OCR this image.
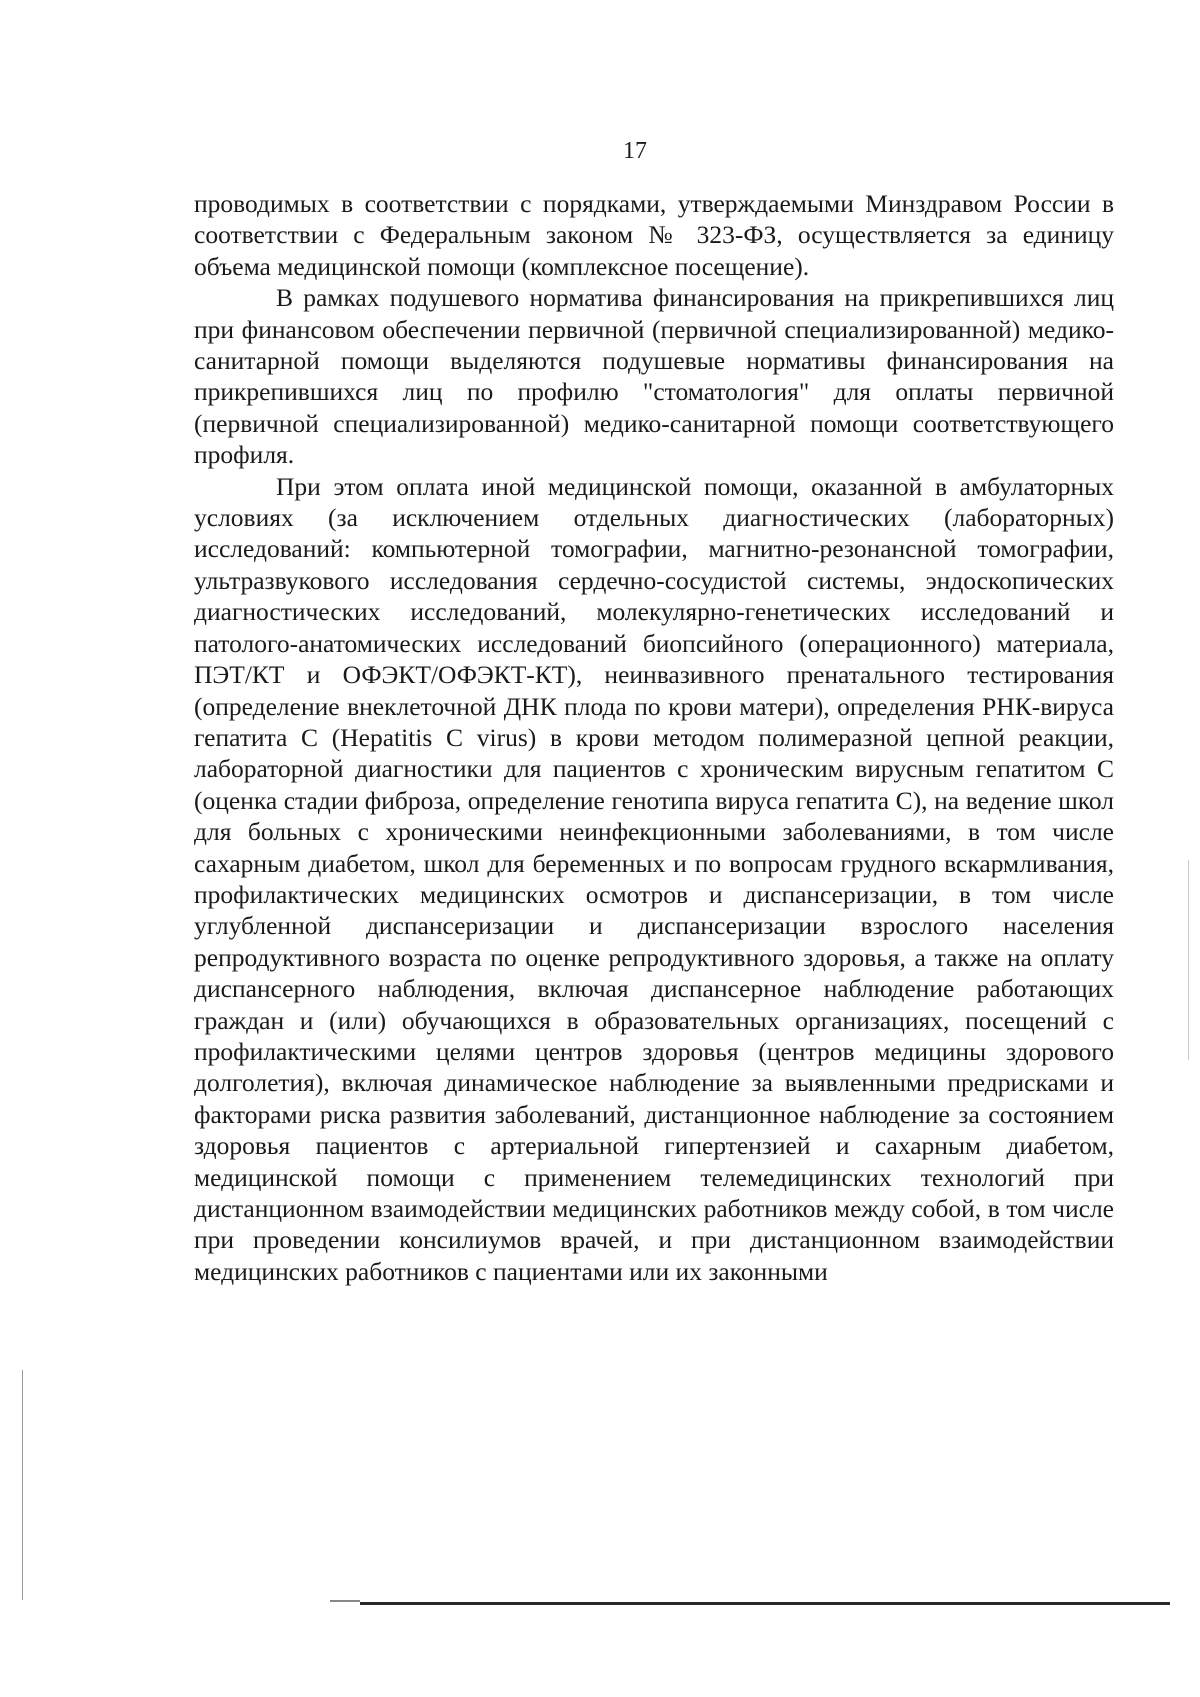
17

проводимых в соответствии с порядками, утверждаемыми Минздравом России в соответствии с Федеральным законом № 323-ФЗ, осуществляется за единицу объема медицинской помощи (комплексное посещение).

В рамках подушевого норматива финансирования на прикрепившихся лиц при финансовом обеспечении первичной (первичной специализированной) медико-санитарной помощи выделяются подушевые нормативы финансирования на прикрепившихся лиц по профилю "стоматология" для оплаты первичной (первичной специализированной) медико-санитарной помощи соответствующего профиля.

При этом оплата иной медицинской помощи, оказанной в амбулаторных условиях (за исключением отдельных диагностических (лабораторных) исследований: компьютерной томографии, магнитно-резонансной томографии, ультразвукового исследования сердечно-сосудистой системы, эндоскопических диагностических исследований, молекулярно-генетических исследований и патолого-анатомических исследований биопсийного (операционного) материала, ПЭТ/КТ и ОФЭКТ/ОФЭКТ-КТ), неинвазивного пренатального тестирования (определение внеклеточной ДНК плода по крови матери), определения РНК-вируса гепатита С (Hepatitis C virus) в крови методом полимеразной цепной реакции, лабораторной диагностики для пациентов с хроническим вирусным гепатитом С (оценка стадии фиброза, определение генотипа вируса гепатита С), на ведение школ для больных с хроническими неинфекционными заболеваниями, в том числе сахарным диабетом, школ для беременных и по вопросам грудного вскармливания, профилактических медицинских осмотров и диспансеризации, в том числе углубленной диспансеризации и диспансеризации взрослого населения репродуктивного возраста по оценке репродуктивного здоровья, а также на оплату диспансерного наблюдения, включая диспансерное наблюдение работающих граждан и (или) обучающихся в образовательных организациях, посещений с профилактическими целями центров здоровья (центров медицины здорового долголетия), включая динамическое наблюдение за выявленными предрисками и факторами риска развития заболеваний, дистанционное наблюдение за состоянием здоровья пациентов с артериальной гипертензией и сахарным диабетом, медицинской помощи с применением телемедицинских технологий при дистанционном взаимодействии медицинских работников между собой, в том числе при проведении консилиумов врачей, и при дистанционном взаимодействии медицинских работников с пациентами или их законными
